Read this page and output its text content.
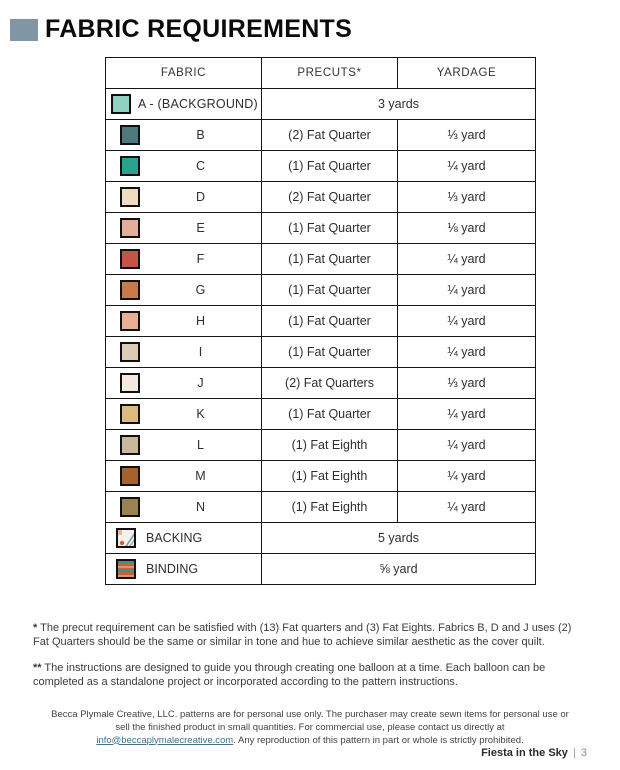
FABRIC REQUIREMENTS
FABRIC	PRECUTS*	YARDAGE

A - (BACKGROUND)	3 yards	

B	(2) Fat Quarter	⅓ yard

C	(1) Fat Quarter	¼ yard

D	(2) Fat Quarter	⅓ yard

E	(1) Fat Quarter	⅛ yard

F	(1) Fat Quarter	¼ yard

G	(1) Fat Quarter	¼ yard

H	(1) Fat Quarter	¼ yard

I	(1) Fat Quarter	¼ yard

J	(2) Fat Quarters	⅓ yard

K	(1) Fat Quarter	¼ yard

L	(1) Fat Eighth	¼ yard

M	(1) Fat Eighth	¼ yard

N	(1) Fat Eighth	¼ yard

BACKING	5 yards	

BINDING	⅝ yard	

* The precut requirement can be satisfied with (13) Fat quarters and (3) Fat Eights. Fabrics B, D and J uses (2) Fat Quarters should be the same or similar in tone and hue to achieve similar aesthetic as the cover quilt.

** The instructions are designed to guide you through creating one balloon at a time. Each balloon can be completed as a standalone project or incorporated according to the pattern instructions.

Becca Plymale Creative, LLC. patterns are for personal use only. The purchaser may create sewn items for personal use or sell the finished product in small quantities. For commercial use, please contact us directly at info@beccaplymalecreative.com. Any reproduction of this pattern in part or whole is strictly prohibited.
Fiesta in the Sky | 3
